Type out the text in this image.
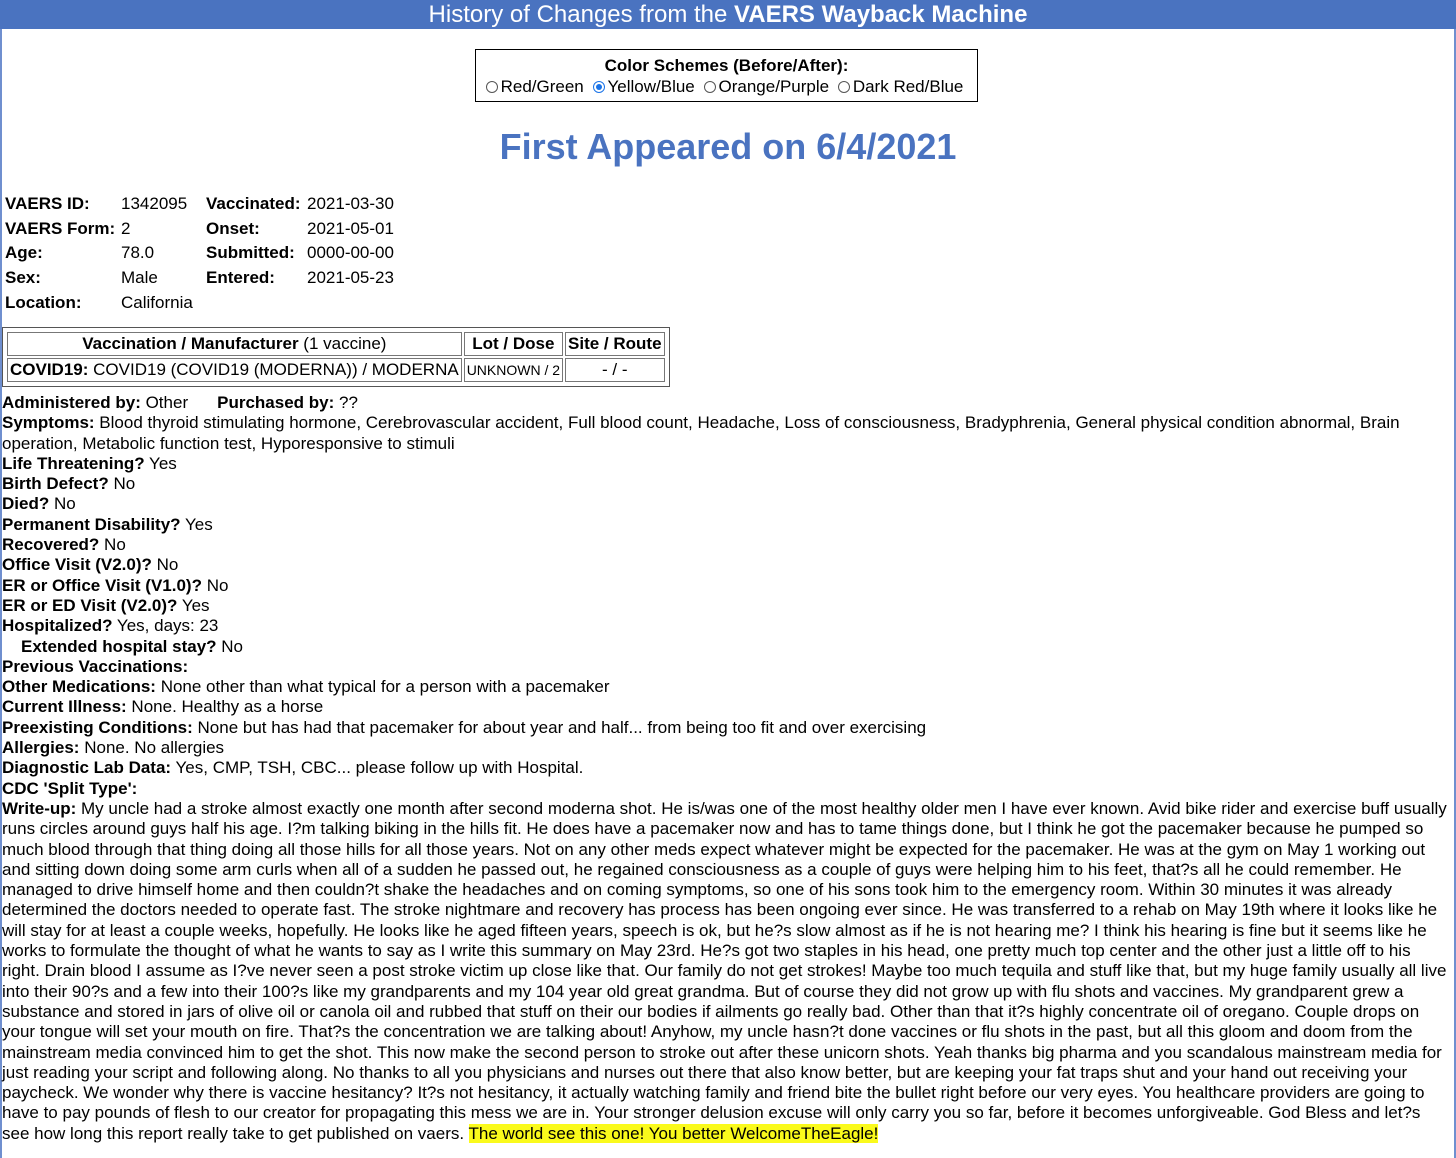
History of Changes from the VAERS Wayback Machine
Color Schemes (Before/After):
Red/Green Yellow/Blue Orange/Purple Dark Red/Blue
First Appeared on 6/4/2021
VAERS ID: 1342095 Vaccinated: 2021-03-30
VAERS Form: 2	Onset:	2021-05-01
Age:	78.0	Submitted: 0000-00-00
Sex:	Male	Entered: 2021-05-23
Location: California
Vaccination / Manufacturer (1 vaccine)	Lot / Dose	Site / Route
COVID19: COVID19 (COVID19 (MODERNA)) / MODERNA	UNKNOWN / 2	- / -
Administered by: Other Purchased by: ??
Symptoms: Blood thyroid stimulating hormone, Cerebrovascular accident, Full blood count, Headache, Loss of consciousness, Bradyphrenia, General physical condition abnormal, Brain operation, Metabolic function test, Hyporesponsive to stimuli
Life Threatening? Yes
Birth Defect? No
Died? No
Permanent Disability? Yes
Recovered? No
Office Visit (V2.0)? No
ER or Office Visit (V1.0)? No
ER or ED Visit (V2.0)? Yes
Hospitalized? Yes, days: 23
Extended hospital stay? No
Previous Vaccinations:
Other Medications: None other than what typical for a person with a pacemaker
Current Illness: None. Healthy as a horse
Preexisting Conditions: None but has had that pacemaker for about year and half... from being too fit and over exercising
Allergies: None. No allergies
Diagnostic Lab Data: Yes, CMP, TSH, CBC... please follow up with Hospital.
CDC 'Split Type':
Write-up: My uncle had a stroke almost exactly one month after second moderna shot. He is/was one of the most healthy older men I have ever known. Avid bike rider and exercise buff usually runs circles around guys half his age. I?m talking biking in the hills fit. He does have a pacemaker now and has to tame things done, but I think he got the pacemaker because he pumped so much blood through that thing doing all those hills for all those years. Not on any other meds expect whatever might be expected for the pacemaker. He was at the gym on May 1 working out and sitting down doing some arm curls when all of a sudden he passed out, he regained consciousness as a couple of guys were helping him to his feet, that?s all he could remember. He managed to drive himself home and then couldn?t shake the headaches and on coming symptoms, so one of his sons took him to the emergency room. Within 30 minutes it was already determined the doctors needed to operate fast. The stroke nightmare and recovery has process has been ongoing ever since. He was transferred to a rehab on May 19th where it looks like he will stay for at least a couple weeks, hopefully. He looks like he aged fifteen years, speech is ok, but he?s slow almost as if he is not hearing me? I think his hearing is fine but it seems like he works to formulate the thought of what he wants to say as I write this summary on May 23rd. He?s got two staples in his head, one pretty much top center and the other just a little off to his right. Drain blood I assume as I?ve never seen a post stroke victim up close like that. Our family do not get strokes! Maybe too much tequila and stuff like that, but my huge family usually all live into their 90?s and a few into their 100?s like my grandparents and my 104 year old great grandma. But of course they did not grow up with flu shots and vaccines. My grandparent grew a substance and stored in jars of olive oil or canola oil and rubbed that stuff on their our bodies if ailments go really bad. Other than that it?s highly concentrate oil of oregano. Couple drops on your tongue will set your mouth on fire. That?s the concentration we are talking about! Anyhow, my uncle hasn?t done vaccines or flu shots in the past, but all this gloom and doom from the mainstream media convinced him to get the shot. This now make the second person to stroke out after these unicorn shots. Yeah thanks big pharma and you scandalous mainstream media for just reading your script and following along. No thanks to all you physicians and nurses out there that also know better, but are keeping your fat traps shut and your hand out receiving your paycheck. We wonder why there is vaccine hesitancy? It?s not hesitancy, it actually watching family and friend bite the bullet right before our very eyes. You healthcare providers are going to have to pay pounds of flesh to our creator for propagating this mess we are in. Your stronger delusion excuse will only carry you so far, before it becomes unforgiveable. God Bless and let?s see how long this report really take to get published on vaers. The world see this one! You better WelcomeTheEagle!
